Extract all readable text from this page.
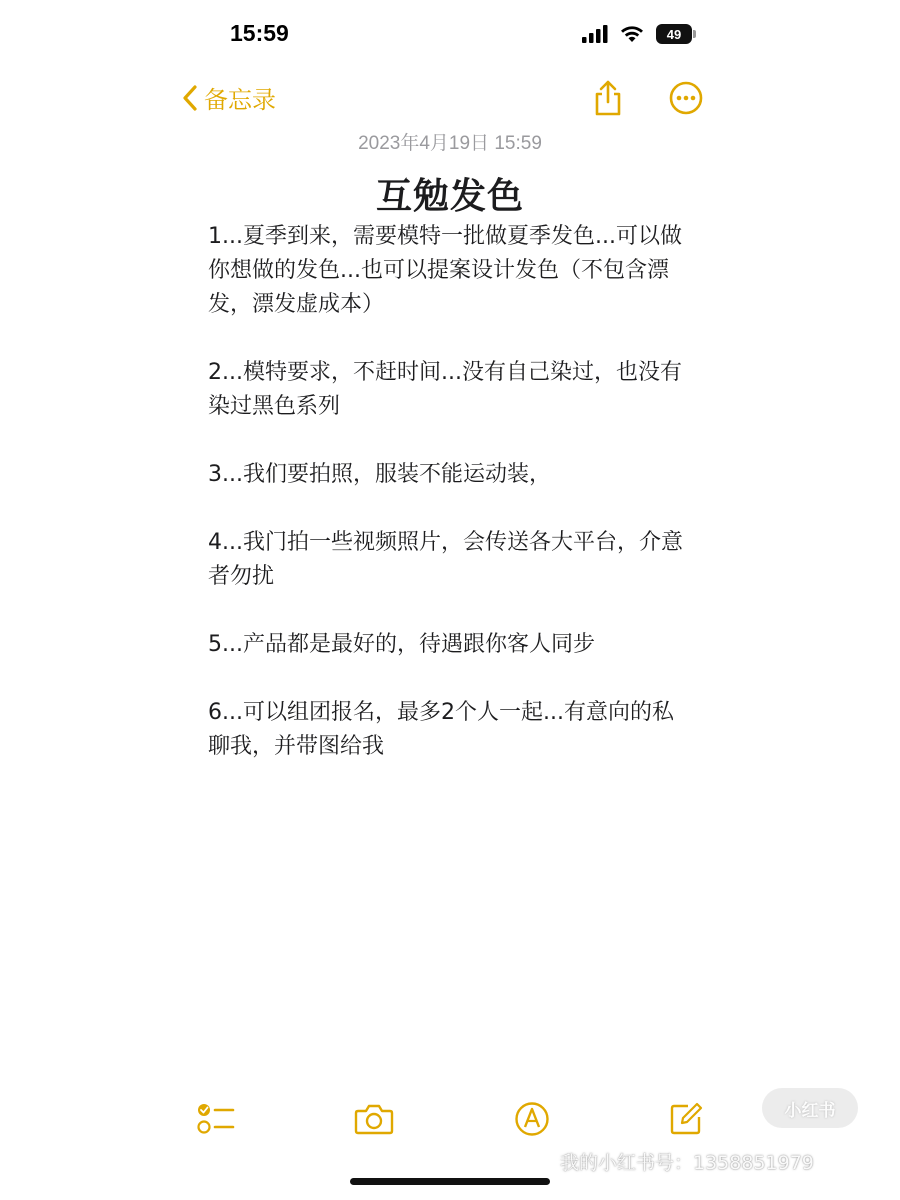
15:59	49
备忘录
2023年4月19日 15:59
互勉发色

1...夏季到来，需要模特一批做夏季发色...可以做你想做的发色...也可以提案设计发色（不包含漂发，漂发虚成本）

2...模特要求，不赶时间...没有自己染过，也没有染过黑色系列

3...我们要拍照，服装不能运动装，

4...我门拍一些视频照片，会传送各大平台，介意者勿扰

5...产品都是最好的，待遇跟你客人同步

6...可以组团报名，最多2个人一起...有意向的私聊我，并带图给我

小红书
我的小红书号：1358851979
